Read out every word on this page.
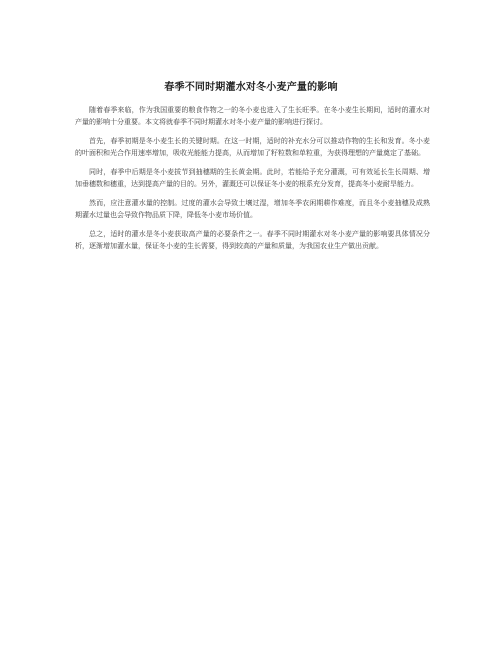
春季不同时期灌水对冬小麦产量的影响

随着春季来临，作为我国重要的粮食作物之一的冬小麦也进入了生长旺季。在冬小麦生长期间，适时的灌水对产量的影响十分重要。本文将就春季不同时期灌水对冬小麦产量的影响进行探讨。

首先，春季初期是冬小麦生长的关键时期。在这一时期，适时的补充水分可以推动作物的生长和发育。冬小麦的叶面积和光合作用速率增加，吸收光能能力提高，从而增加了籽粒数和单粒重，为获得理想的产量奠定了基础。

同时，春季中后期是冬小麦拔节到抽穗期的生长黄金期。此时，若能给予充分灌溉，可有效延长生长周期、增加垂穗数和穗重，达到提高产量的目的。另外，灌溉还可以保证冬小麦的根系充分发育，提高冬小麦耐旱能力。

然而，应注意灌水量的控制。过度的灌水会导致土壤过湿，增加冬季农闲期耕作难度，而且冬小麦抽穗及成熟期灌水过量也会导致作物品质下降，降低冬小麦市场价值。

总之，适时的灌水是冬小麦获取高产量的必要条件之一。春季不同时期灌水对冬小麦产量的影响要具体情况分析，逐渐增加灌水量，保证冬小麦的生长需要，得到较高的产量和质量，为我国农业生产做出贡献。
